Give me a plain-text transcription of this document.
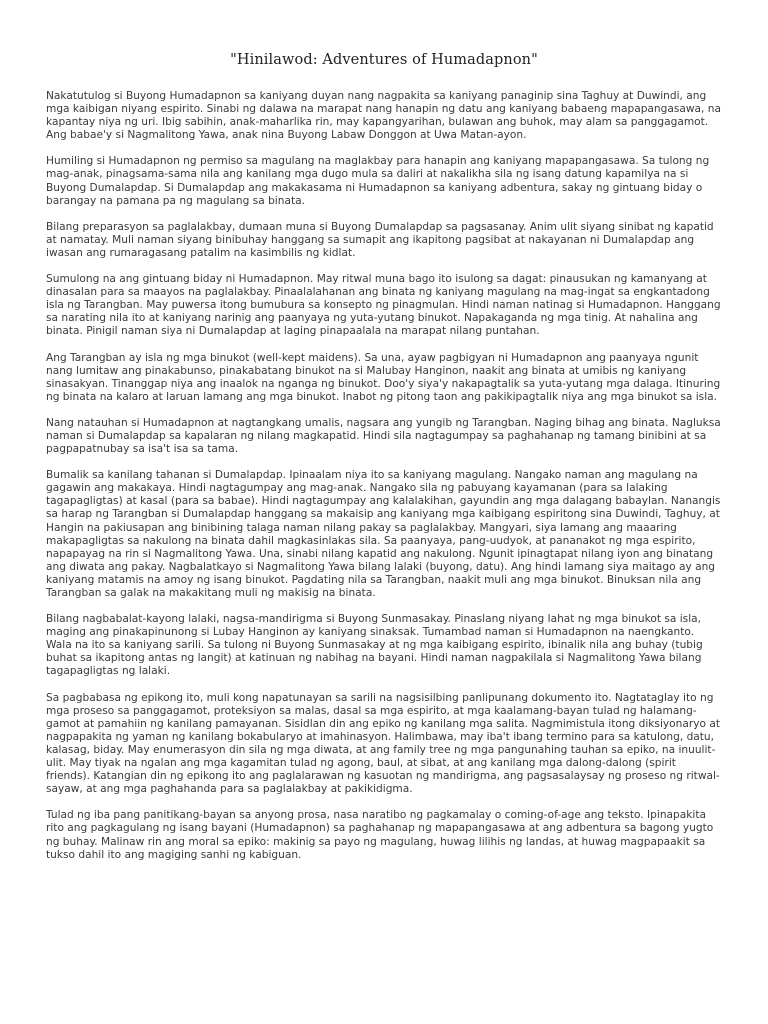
"Hinilawod: Adventures of Humadapnon"

Nakatutulog si Buyong Humadapnon sa kaniyang duyan nang nagpakita sa kaniyang panaginip sina Taghuy at Duwindi, ang mga kaibigan niyang espirito. Sinabi ng dalawa na marapat nang hanapin ng datu ang kaniyang babaeng mapapangasawa, na kapantay niya ng uri. Ibig sabihin, anak-maharlika rin, may kapangyarihan, bulawan ang buhok, may alam sa panggagamot. Ang babae'y si Nagmalitong Yawa, anak nina Buyong Labaw Donggon at Uwa Matan-ayon.

Humiling si Humadapnon ng permiso sa magulang na maglakbay para hanapin ang kaniyang mapapangasawa. Sa tulong ng mag-anak, pinagsama-sama nila ang kanilang mga dugo mula sa daliri at nakalikha sila ng isang datung kapamilya na si Buyong Dumalapdap. Si Dumalapdap ang makakasama ni Humadapnon sa kaniyang adbentura, sakay ng gintuang biday o barangay na pamana pa ng magulang sa binata.

Bilang preparasyon sa paglalakbay, dumaan muna si Buyong Dumalapdap sa pagsasanay. Anim ulit siyang sinibat ng kapatid at namatay. Muli naman siyang binibuhay hanggang sa sumapit ang ikapitong pagsibat at nakayanan ni Dumalapdap ang iwasan ang rumaragasang patalim na kasimbilis ng kidlat.

Sumulong na ang gintuang biday ni Humadapnon. May ritwal muna bago ito isulong sa dagat: pinausukan ng kamanyang at dinasalan para sa maayos na paglalakbay. Pinaalalahanan ang binata ng kaniyang magulang na mag-ingat sa engkantadong isla ng Tarangban. May puwersa itong bumubura sa konsepto ng pinagmulan. Hindi naman natinag si Humadapnon. Hanggang sa narating nila ito at kaniyang narinig ang paanyaya ng yuta-yutang binukot. Napakaganda ng mga tinig. At nahalina ang binata. Pinigil naman siya ni Dumalapdap at laging pinapaalala na marapat nilang puntahan.

Ang Tarangban ay isla ng mga binukot (well-kept maidens). Sa una, ayaw pagbigyan ni Humadapnon ang paanyaya ngunit nang lumitaw ang pinakabunso, pinakabatang binukot na si Malubay Hanginon, naakit ang binata at umibis ng kaniyang sinasakyan. Tinanggap niya ang inaalok na nganga ng binukot. Doo'y siya'y nakapagtalik sa yuta-yutang mga dalaga. Itinuring ng binata na kalaro at laruan lamang ang mga binukot. Inabot ng pitong taon ang pakikipagtalik niya ang mga binukot sa isla.

Nang natauhan si Humadapnon at nagtangkang umalis, nagsara ang yungib ng Tarangban. Naging bihag ang binata. Nagluksa naman si Dumalapdap sa kapalaran ng nilang magkapatid. Hindi sila nagtagumpay sa paghahanap ng tamang binibini at sa pagpapatnubay sa isa't isa sa tama.

Bumalik sa kanilang tahanan si Dumalapdap. Ipinaalam niya ito sa kaniyang magulang. Nangako naman ang magulang na gagawin ang makakaya. Hindi nagtagumpay ang mag-anak. Nangako sila ng pabuyang kayamanan (para sa lalaking tagapagligtas) at kasal (para sa babae). Hindi nagtagumpay ang kalalakihan, gayundin ang mga dalagang babaylan. Nanangis sa harap ng Tarangban si Dumalapdap hanggang sa makaisip ang kaniyang mga kaibigang espiritong sina Duwindi, Taghuy, at Hangin na pakiusapan ang binibining talaga naman nilang pakay sa paglalakbay. Mangyari, siya lamang ang maaaring makapagligtas sa nakulong na binata dahil magkasinlakas sila. Sa paanyaya, pang-uudyok, at pananakot ng mga espirito, napapayag na rin si Nagmalitong Yawa. Una, sinabi nilang kapatid ang nakulong. Ngunit ipinagtapat nilang iyon ang binatang ang diwata ang pakay. Nagbalatkayo si Nagmalitong Yawa bilang lalaki (buyong, datu). Ang hindi lamang siya maitago ay ang kaniyang matamis na amoy ng isang binukot. Pagdating nila sa Tarangban, naakit muli ang mga binukot. Binuksan nila ang Tarangban sa galak na makakitang muli ng makisig na binata.

Bilang nagbabalat-kayong lalaki, nagsa-mandirigma si Buyong Sunmasakay. Pinaslang niyang lahat ng mga binukot sa isla, maging ang pinakapinunong si Lubay Hanginon ay kaniyang sinaksak. Tumambad naman si Humadapnon na naengkanto. Wala na ito sa kaniyang sarili. Sa tulong ni Buyong Sunmasakay at ng mga kaibigang espirito, ibinalik nila ang buhay (tubig buhat sa ikapitong antas ng langit) at katinuan ng nabihag na bayani. Hindi naman nagpakilala si Nagmalitong Yawa bilang tagapagligtas ng lalaki.

Sa pagbabasa ng epikong ito, muli kong napatunayan sa sarili na nagsisilbing panlipunang dokumento ito. Nagtataglay ito ng mga proseso sa panggagamot, proteksiyon sa malas, dasal sa mga espirito, at mga kaalamang-bayan tulad ng halamang-gamot at pamahiin ng kanilang pamayanan. Sisidlan din ang epiko ng kanilang mga salita. Nagmimistula itong diksiyonaryo at nagpapakita ng yaman ng kanilang bokabularyo at imahinasyon. Halimbawa, may iba't ibang termino para sa katulong, datu, kalasag, biday. May enumerasyon din sila ng mga diwata, at ang family tree ng mga pangunahing tauhan sa epiko, na inuulit-ulit. May tiyak na ngalan ang mga kagamitan tulad ng agong, baul, at sibat, at ang kanilang mga dalong-dalong (spirit friends). Katangian din ng epikong ito ang paglalarawan ng kasuotan ng mandirigma, ang pagsasalaysay ng proseso ng ritwal-sayaw, at ang mga paghahanda para sa paglalakbay at pakikidigma.

Tulad ng iba pang panitikang-bayan sa anyong prosa, nasa naratibo ng pagkamalay o coming-of-age ang teksto. Ipinapakita rito ang pagkagulang ng isang bayani (Humadapnon) sa paghahanap ng mapapangasawa at ang adbentura sa bagong yugto ng buhay. Malinaw rin ang moral sa epiko: makinig sa payo ng magulang, huwag lilihis ng landas, at huwag magpapaakit sa tukso dahil ito ang magiging sanhi ng kabiguan.
